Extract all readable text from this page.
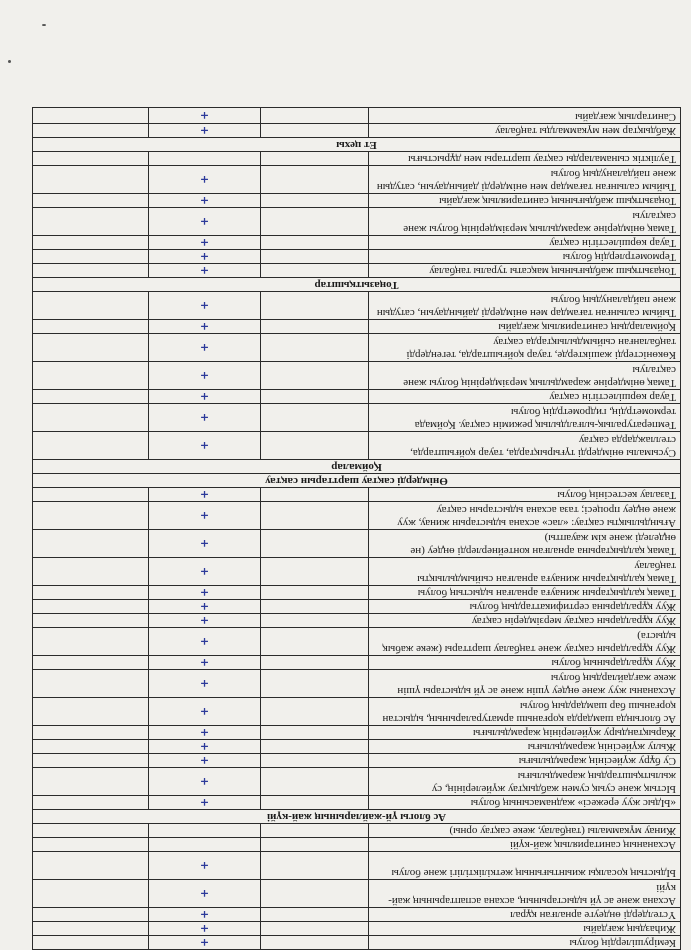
Кемірушілердің болуы		+	
Жиһаздың жағдайы		+	
Үстелдерді өндеуге арналған құрал		+	
Асхана және ас үй ыдыстарының, асхана аспаптарының жай-күйі		+	
Ыдыстың қосалқы жиынтығының жеткіліктілігі және болуы		+	
Асхананың санитариялық жай-күйі			
Жинау мүкаммалы (таңбалау, жеке сақтау орны)			
Ас блогы үй-жайларының жай-күйі			
«Ыдыс жуу ережесі» жаднамасының болуы		+	
Ыстық және суық сумен жабдықтау жүйелерінің, су жылытқыштардың жарамдылығы		+	
Су бұру жүйесінің жарамдылығы		+	
Жылу жүйесінің жарамдылығы		+	
Жарықтандыру жүйелерінің жарамдылығы		+	
Ас блогында шамдарда қорғаныш арматураларының, ыдыстан қорғаныш бар шамдардың болуы		+	
Асхананы жуу және өңдеу үшін және ас үй ыдыстары үшін жеке жағдайлардың болуы		+	
Жуу құралдарының болуы		+	
Жуу құралдарын сақтау және таңбалау шарттары (жеке жабық ыдыста)		+	
Жуу құралдарын сақтау мерзімдерін сақтау		+	
Жуу құралдарына сертификаттардың болуы		+	
Тамақ қалдықтарын жинауға арналған ыдыстың болуы		+	
Тамақ қалдықтарын жинауға арналған сыйымдылықты таңбалау		+	
Тамақ қалдықтарына арналған контейнерлерді өңдеу (не өңделеді және кім жауапты)		+	
Ағындылықты сақтау: «лас» асхана ыдыстарын жинау, жуу және өңдеу процесі; таза асхана ыдыстарын сақтау		+	
Тазалау кестесінің болуы		+	
Өнімдерді сақтау шарттарын сақтау			
Қоймалар			
Сусымалы өнімдерді түғырықтарда, тауар қойғыштарда, стеллаждарда сақтау		+	
Температуралық-ылғалдылық режимін сақтау. Қоймада термометрдің, гидрометрдің болуы		+	
Тауар көршілестігін сақтау		+	
Тамақ өнімдеріне жарамдылық мерзімдерінің болуы және сақталуы		+	
Көкөністерді жәшіктерде, тауар қойғыштарда, тегендерді таңбаланған сыйымдылықтарда сақтау		+	
Қоймалардың санитариялық жағдайы		+	
Тыйым салынған тағамдар мен өнімдерді дайындауын, сатудын және пайдаланудың болуы		+	
Тоңазытқыштар			
Тоңазытқыш жабдығының мақсаты туралы таңбалау		+	
Термометрлердің болуы		+	
Тауар көршілестігін сақтау		+	
Тамақ өнімдеріне жарамдылық мерзімдерінің болуы және сақталуы		+	
Тоңазытқыш жабдығының санитариялық жағдайы		+	
Тыйым салынған тағамдар мен өнімдерді дайындауын, сатудын және пайдаланудың болуы		+	
Тәуліктік сынамаларды сақтау шарттары мен дұрыстығы			
Ет цехы			
Жабдықтар мен мүкаммалды таңбалау		+	
Санитарлық жағдайы		+	
